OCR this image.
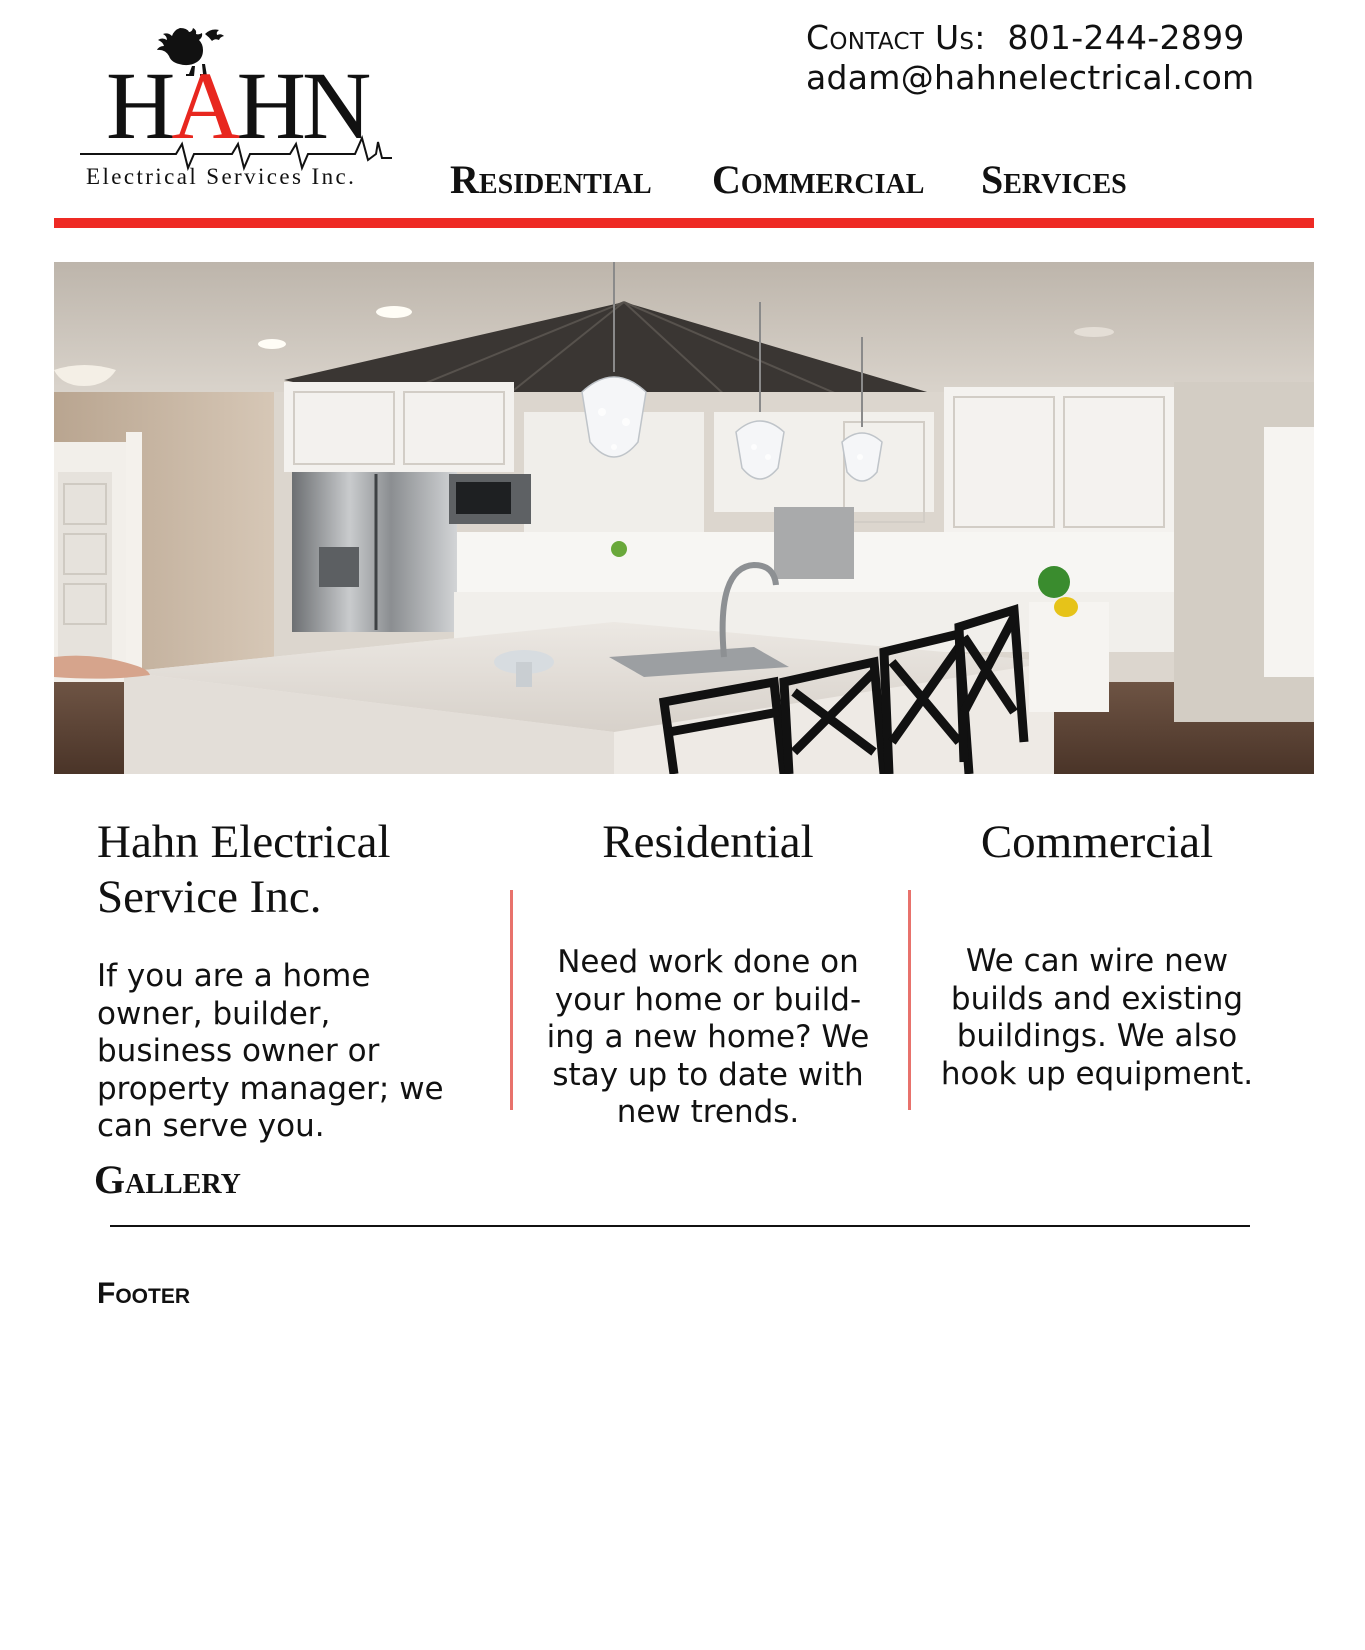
HAHN
Electrical Services Inc.
Contact Us: 801-244-2899
adam@hahnelectrical.com
Residential Commercial Services
Hahn Electrical
Service Inc.
If you are a home
owner, builder,
business owner or
property manager; we
can serve you.
Residential
Need work done on
your home or build-
ing a new home? We
stay up to date with
new trends.
Commercial
We can wire new
builds and existing
buildings. We also
hook up equipment.
Gallery
Footer
